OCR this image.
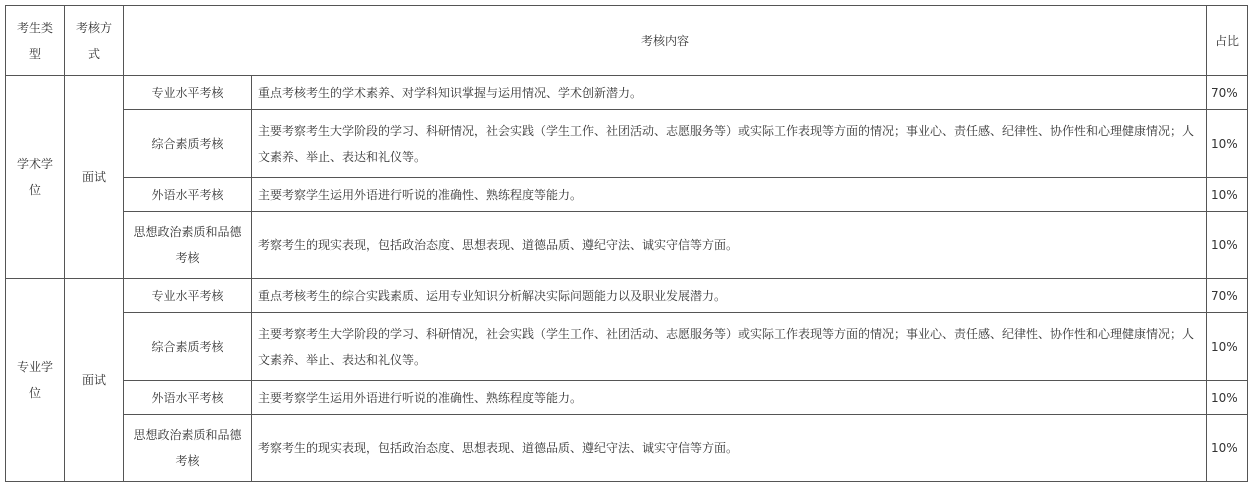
考生类型	考核方式	考核内容		占比
学术学位	面试	专业水平考核	重点考核考生的学术素养、对学科知识掌握与运用情况、学术创新潜力。	70%
		综合素质考核	主要考察考生大学阶段的学习、科研情况，社会实践（学生工作、社团活动、志愿服务等）或实际工作表现等方面的情况；事业心、责任感、纪律性、协作性和心理健康情况；人文素养、举止、表达和礼仪等。	10%
		外语水平考核	主要考察学生运用外语进行听说的准确性、熟练程度等能力。	10%
		思想政治素质和品德考核	考察考生的现实表现，包括政治态度、思想表现、道德品质、遵纪守法、诚实守信等方面。	10%
专业学位	面试	专业水平考核	重点考核考生的综合实践素质、运用专业知识分析解决实际问题能力以及职业发展潜力。	70%
		综合素质考核	主要考察考生大学阶段的学习、科研情况，社会实践（学生工作、社团活动、志愿服务等）或实际工作表现等方面的情况；事业心、责任感、纪律性、协作性和心理健康情况；人文素养、举止、表达和礼仪等。	10%
		外语水平考核	主要考察学生运用外语进行听说的准确性、熟练程度等能力。	10%
		思想政治素质和品德考核	考察考生的现实表现，包括政治态度、思想表现、道德品质、遵纪守法、诚实守信等方面。	10%
